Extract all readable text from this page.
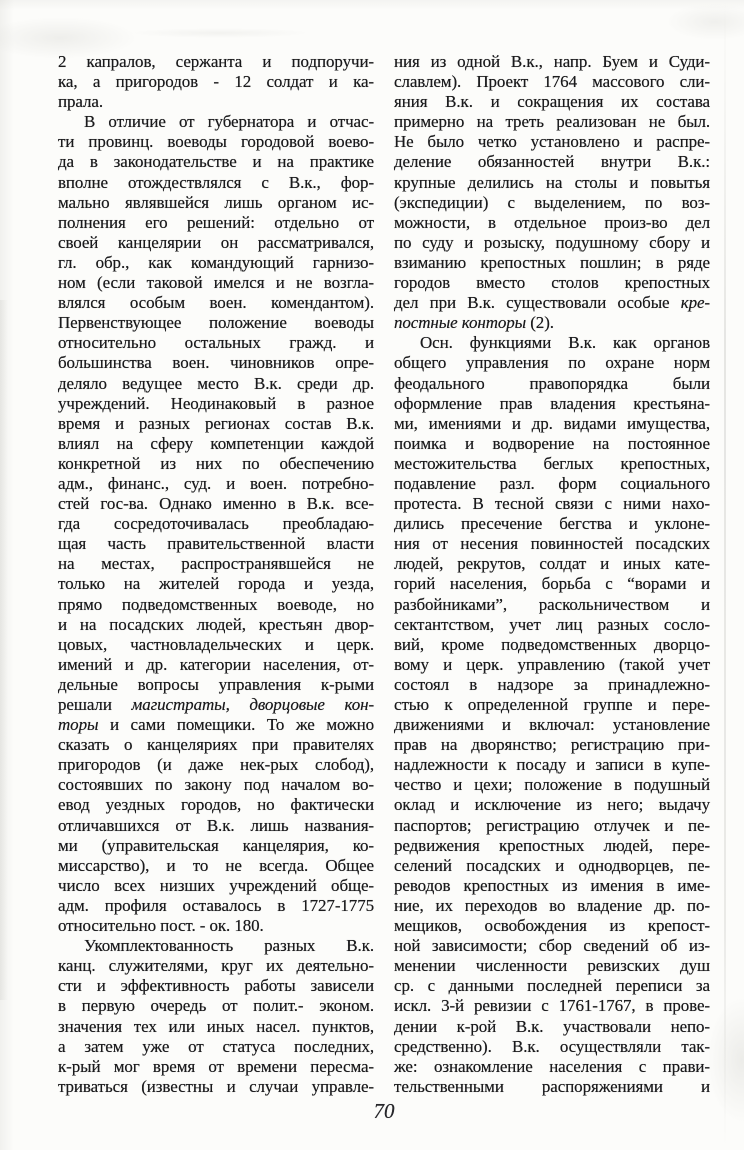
2 капралов, сержанта и подпоручи-
ка, а пригородов - 12 солдат и ка-
прала.
В отличие от губернатора и отчас-
ти провинц. воеводы городовой воево-
да в законодательстве и на практике
вполне отождествлялся с В.к., фор-
мально являвшейся лишь органом ис-
полнения его решений: отдельно от
своей канцелярии он рассматривался,
гл. обр., как командующий гарнизо-
ном (если таковой имелся и не возгла-
влялся особым воен. комендантом).
Первенствующее положение воеводы
относительно остальных гражд. и
большинства воен. чиновников опре-
деляло ведущее место В.к. среди др.
учреждений. Неодинаковый в разное
время и разных регионах состав В.к.
влиял на сферу компетенции каждой
конкретной из них по обеспечению
адм., финанс., суд. и воен. потребно-
стей гос-ва. Однако именно в В.к. все-
гда сосредоточивалась преобладаю-
щая часть правительственной власти
на местах, распространявшейся не
только на жителей города и уезда,
прямо подведомственных воеводе, но
и на посадских людей, крестьян двор-
цовых, частновладельческих и церк.
имений и др. категории населения, от-
дельные вопросы управления к-рыми
решали магистраты, дворцовые кон-
торы и сами помещики. То же можно
сказать о канцеляриях при правителях
пригородов (и даже нек-рых слобод),
состоявших по закону под началом во-
евод уездных городов, но фактически
отличавшихся от В.к. лишь названия-
ми (управительская канцелярия, ко-
миссарство), и то не всегда. Общее
число всех низших учреждений обще-
адм. профиля оставалось в 1727-1775
относительно пост. - ок. 180.
Укомплектованность разных В.к.
канц. служителями, круг их деятельно-
сти и эффективность работы зависели
в первую очередь от полит.- эконом.
значения тех или иных насел. пунктов,
а затем уже от статуса последних,
к-рый мог время от времени пересма-
триваться (известны и случаи управле-
ния из одной В.к., напр. Буем и Суди-
славлем). Проект 1764 массового сли-
яния В.к. и сокращения их состава
примерно на треть реализован не был.
Не было четко установлено и распре-
деление обязанностей внутри В.к.:
крупные делились на столы и повытья
(экспедиции) с выделением, по воз-
можности, в отдельное произ-во дел
по суду и розыску, подушному сбору и
взиманию крепостных пошлин; в ряде
городов вместо столов крепостных
дел при В.к. существовали особые кре-
постные конторы (2).
Осн. функциями В.к. как органов
общего управления по охране норм
феодального правопорядка были
оформление прав владения крестьяна-
ми, имениями и др. видами имущества,
поимка и водворение на постоянное
местожительства беглых крепостных,
подавление разл. форм социального
протеста. В тесной связи с ними нахо-
дились пресечение бегства и уклоне-
ния от несения повинностей посадских
людей, рекрутов, солдат и иных кате-
горий населения, борьба с “ворами и
разбойниками”, раскольничеством и
сектантством, учет лиц разных сосло-
вий, кроме подведомственных дворцо-
вому и церк. управлению (такой учет
состоял в надзоре за принадлежно-
стью к определенной группе и пере-
движениями и включал: установление
прав на дворянство; регистрацию при-
надлежности к посаду и записи в купе-
чество и цехи; положение в подушный
оклад и исключение из него; выдачу
паспортов; регистрацию отлучек и пе-
редвижения крепостных людей, пере-
селений посадских и однодворцев, пе-
реводов крепостных из имения в име-
ние, их переходов во владение др. по-
мещиков, освобождения из крепост-
ной зависимости; сбор сведений об из-
менении численности ревизских душ
ср. с данными последней переписи за
искл. 3-й ревизии с 1761-1767, в прове-
дении к-рой В.к. участвовали непо-
средственно). В.к. осуществляли так-
же: ознакомление населения с прави-
тельственными распоряжениями и
70
